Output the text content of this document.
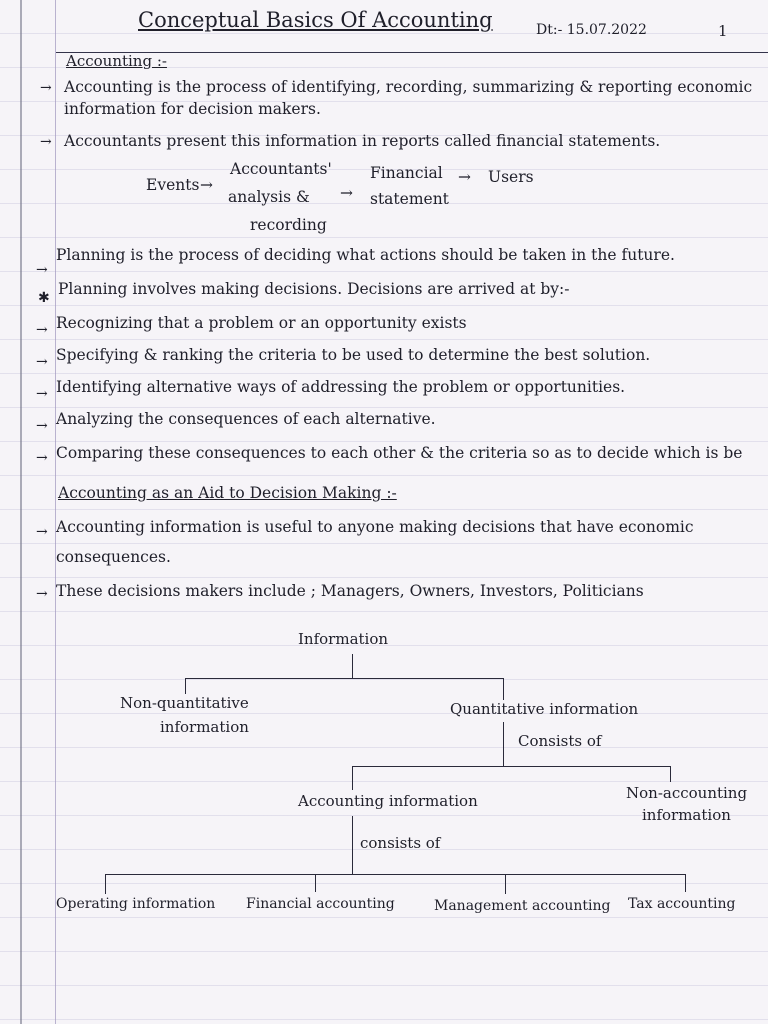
Conceptual Basics Of Accounting	Dt:- 15.07.2022	1
Accounting :-
→ Accounting is the process of identifying, recording, summarizing & reporting economic
information for decision makers.
→ Accountants present this information in reports called financial statements.
Events →
Accountants'
analysis &
recording
→
Financial
statement
→ Users
→
Planning is the process of deciding what actions should be taken in the future.
✱ Planning involves making decisions. Decisions are arrived at by:-
→ Recognizing that a problem or an opportunity exists
→ Specifying & ranking the criteria to be used to determine the best solution.
→ Identifying alternative ways of addressing the problem or opportunities.
→ Analyzing the consequences of each alternative.
→ Comparing these consequences to each other & the criteria so as to decide which is be
Accounting as an Aid to Decision Making :-
→ Accounting information is useful to anyone making decisions that have economic
consequences.
→ These decisions makers include ; Managers, Owners, Investors, Politicians
Information
Non-quantitative
information
Quantitative information
Consists of
Accounting information	Non-accounting
information
consists of
Operating information Financial accounting	Management accounting Tax accounting
